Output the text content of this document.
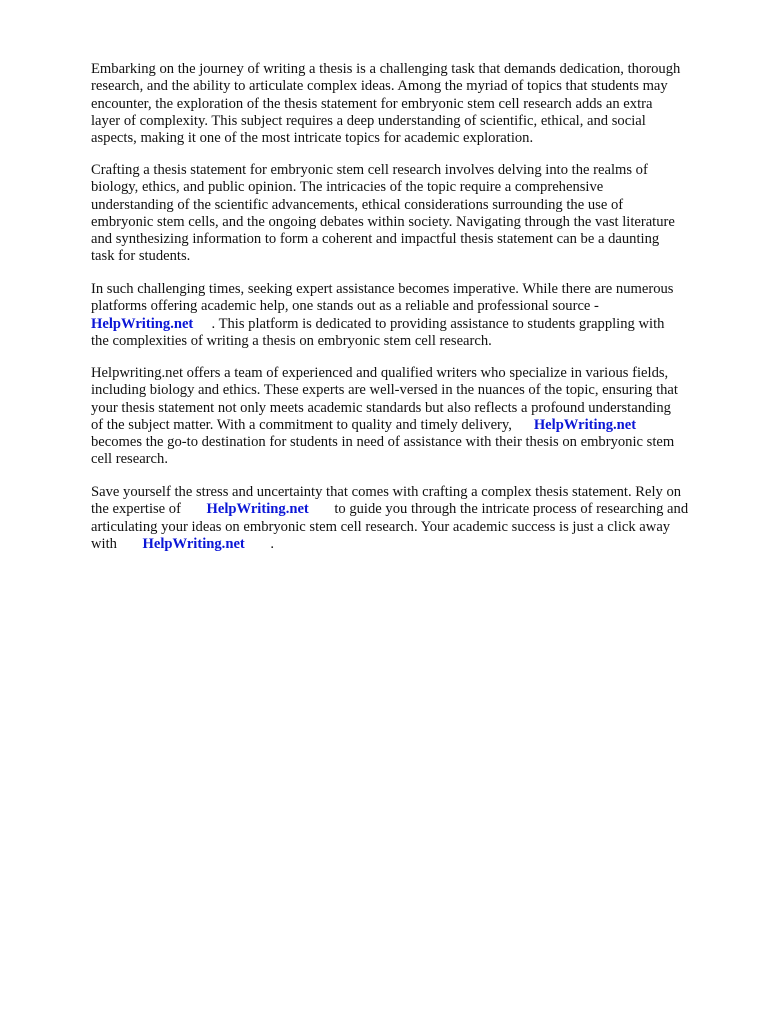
Embarking on the journey of writing a thesis is a challenging task that demands dedication, thorough
research, and the ability to articulate complex ideas. Among the myriad of topics that students may
encounter, the exploration of the thesis statement for embryonic stem cell research adds an extra
layer of complexity. This subject requires a deep understanding of scientific, ethical, and social
aspects, making it one of the most intricate topics for academic exploration.
Crafting a thesis statement for embryonic stem cell research involves delving into the realms of
biology, ethics, and public opinion. The intricacies of the topic require a comprehensive
understanding of the scientific advancements, ethical considerations surrounding the use of
embryonic stem cells, and the ongoing debates within society. Navigating through the vast literature
and synthesizing information to form a coherent and impactful thesis statement can be a daunting
task for students.
In such challenging times, seeking expert assistance becomes imperative. While there are numerous
platforms offering academic help, one stands out as a reliable and professional source -
HelpWriting.net     . This platform is dedicated to providing assistance to students grappling with
the complexities of writing a thesis on embryonic stem cell research.
Helpwriting.net offers a team of experienced and qualified writers who specialize in various fields,
including biology and ethics. These experts are well-versed in the nuances of the topic, ensuring that
your thesis statement not only meets academic standards but also reflects a profound understanding
of the subject matter. With a commitment to quality and timely delivery,      HelpWriting.net
becomes the go-to destination for students in need of assistance with their thesis on embryonic stem
cell research.
Save yourself the stress and uncertainty that comes with crafting a complex thesis statement. Rely on
the expertise of       HelpWriting.net       to guide you through the intricate process of researching and
articulating your ideas on embryonic stem cell research. Your academic success is just a click away
with       HelpWriting.net       .
